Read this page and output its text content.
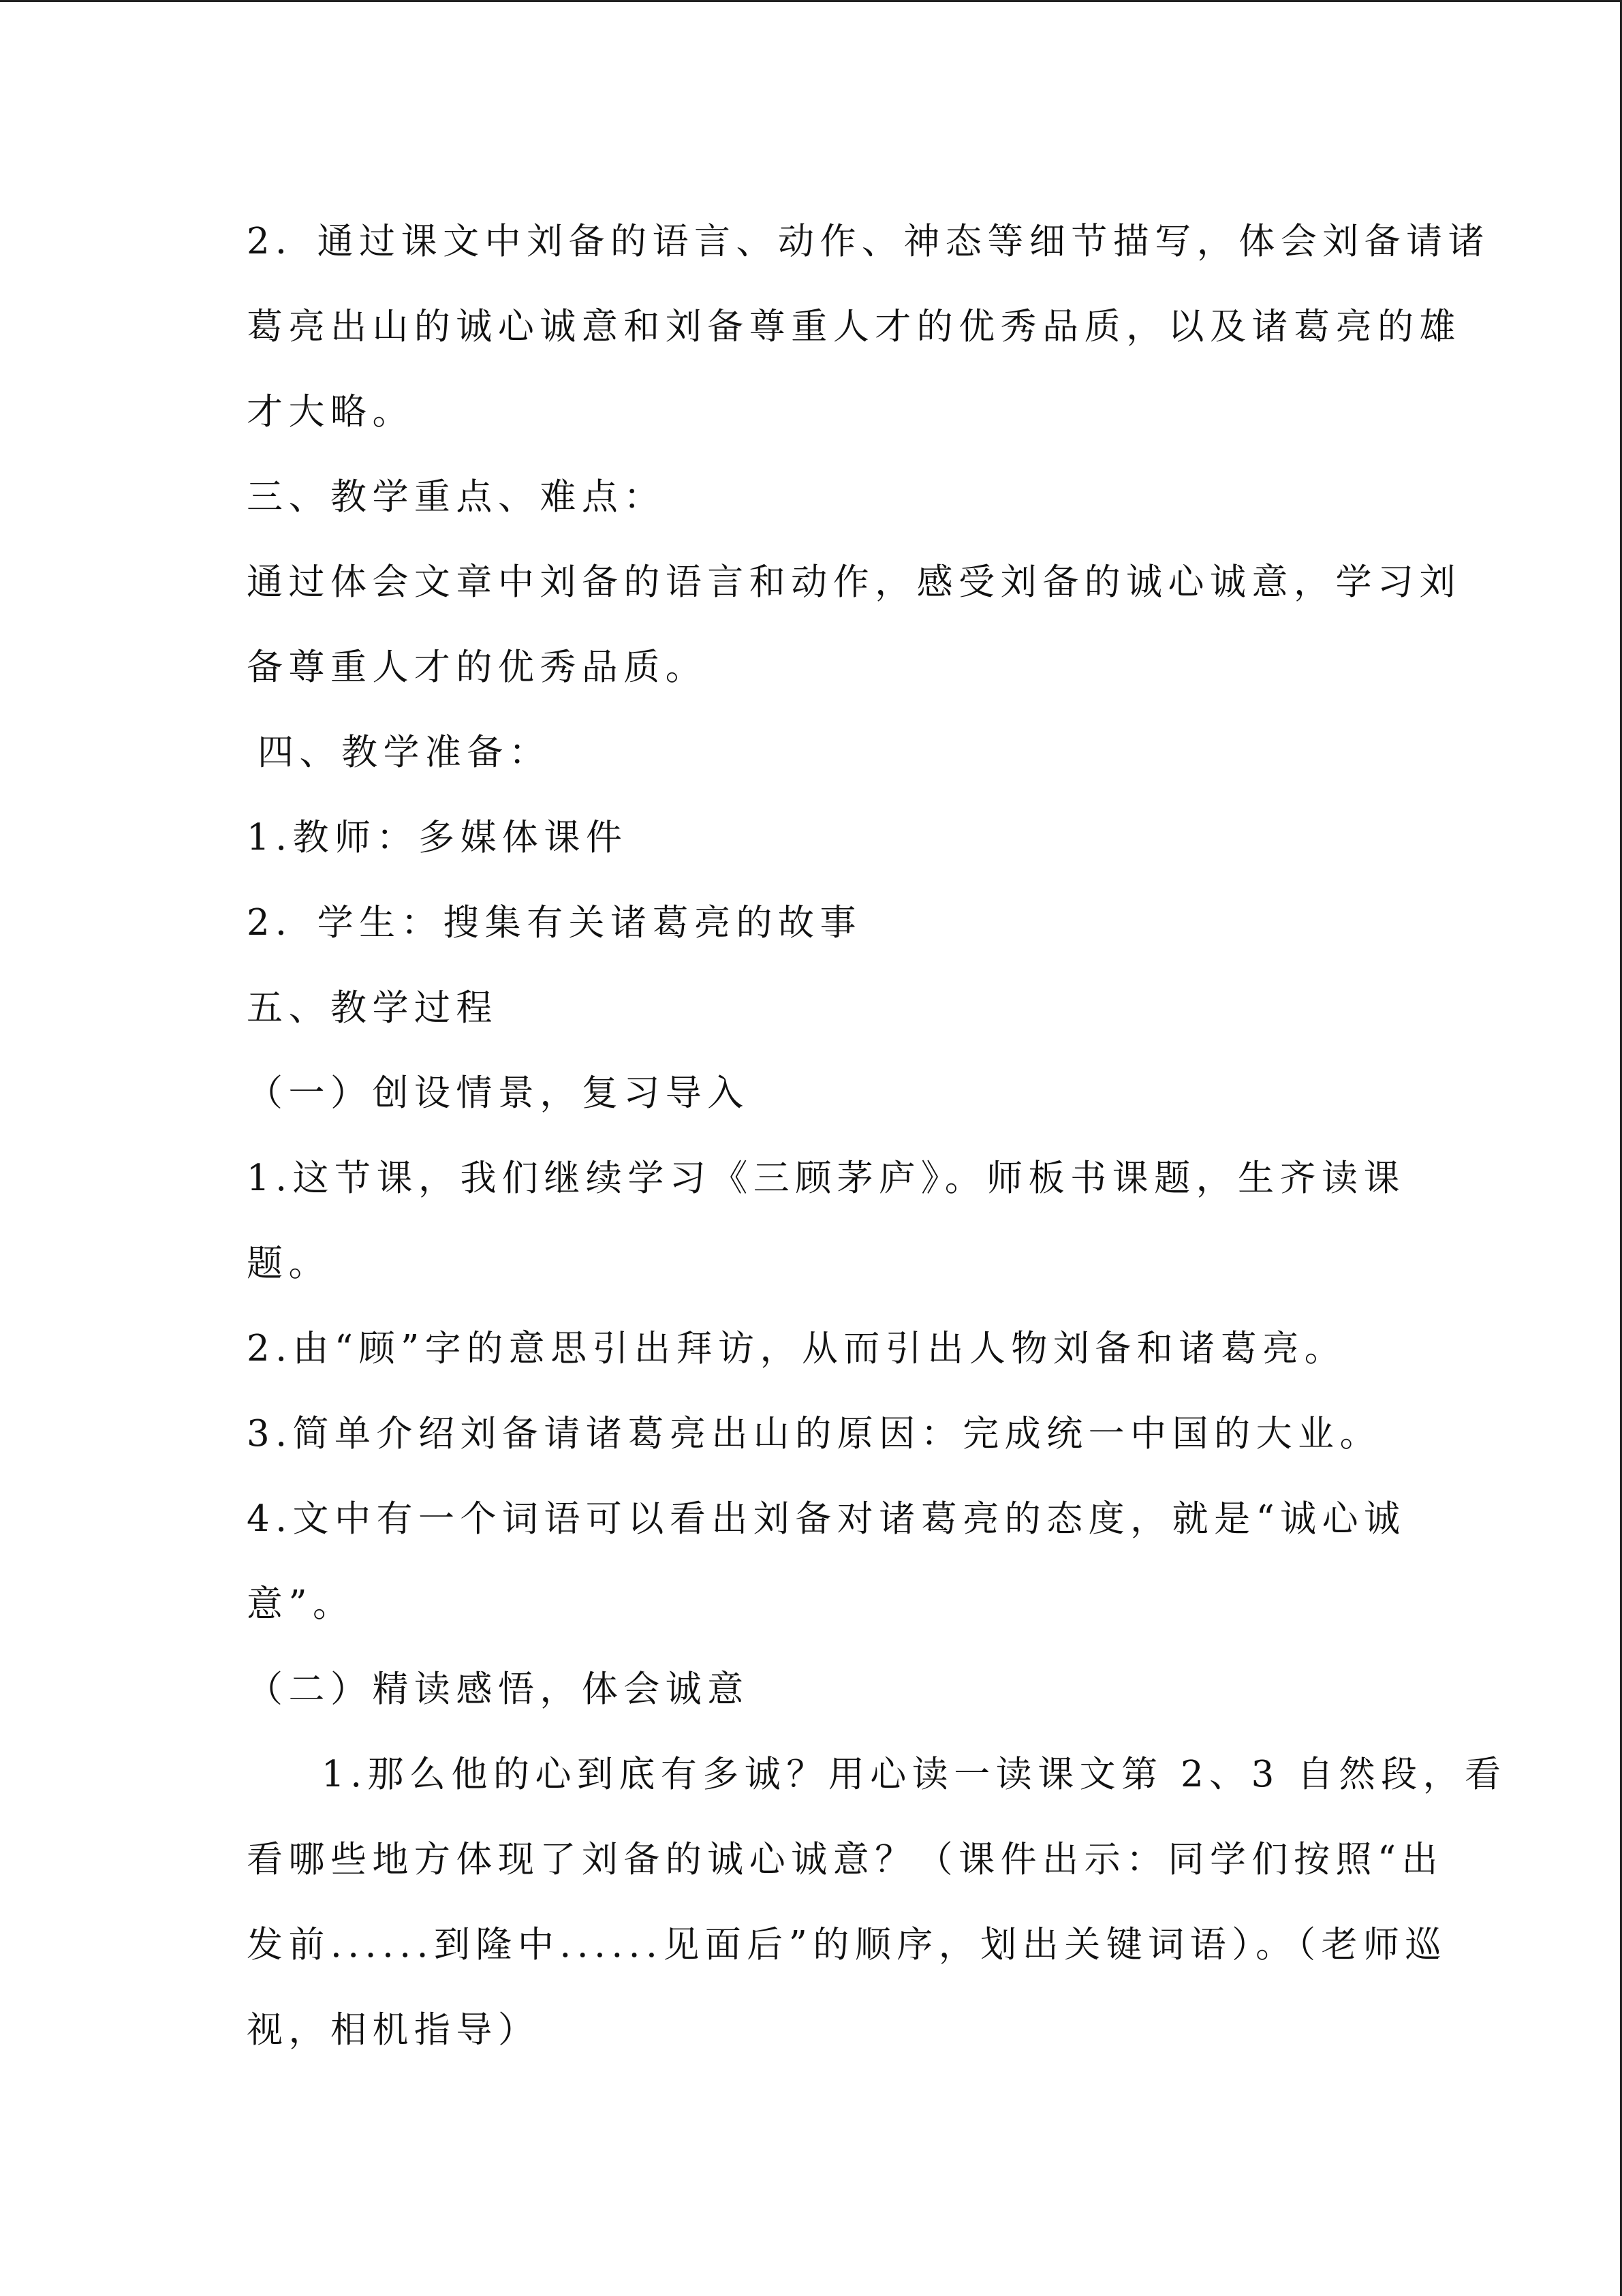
2．通过课文中刘备的语言、动作、神态等细节描写，体会刘备请诸
葛亮出山的诚心诚意和刘备尊重人才的优秀品质，以及诸葛亮的雄
才大略。
三、教学重点、难点：
通过体会文章中刘备的语言和动作，感受刘备的诚心诚意，学习刘
备尊重人才的优秀品质。
四、教学准备：
1.教师：多媒体课件
2．学生：搜集有关诸葛亮的故事
五、教学过程
（一）创设情景，复习导入
1.这节课，我们继续学习《三顾茅庐》。师板书课题，生齐读课
题。
2.由“顾”字的意思引出拜访，从而引出人物刘备和诸葛亮。
3.简单介绍刘备请诸葛亮出山的原因：完成统一中国的大业。
4.文中有一个词语可以看出刘备对诸葛亮的态度，就是“诚心诚
意”。
（二）精读感悟，体会诚意
1.那么他的心到底有多诚？用心读一读课文第 2、3 自然段，看
看哪些地方体现了刘备的诚心诚意？（课件出示：同学们按照“出
发前......到隆中......见面后”的顺序，划出关键词语）。（老师巡
视，相机指导）
